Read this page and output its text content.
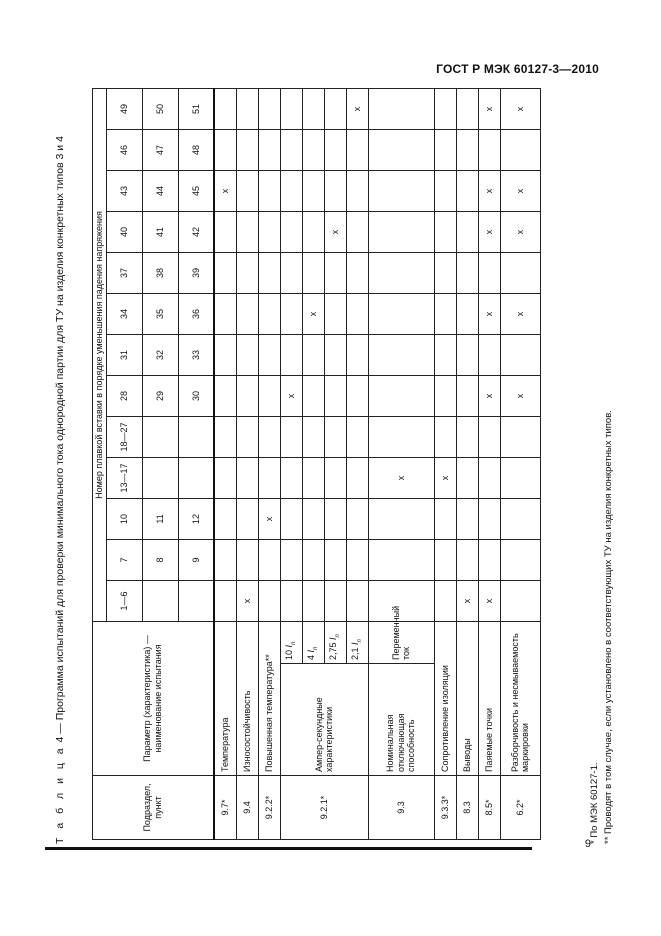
ГОСТ Р МЭК 60127-3—2010
Т а б л и ц а 4 — Программа испытаний для проверки минимального тока однородной партии для ТУ на изделия конкретных типов 3 и 4
Подраздел, пункт	Параметр (характеристика) — наименование испытания		Номер плавкой вставки в порядке уменьшения падения напряжения												
			1—6	7	10	13—17	18—27	28	31	34	37	40	43	46	49
				8	11			29	32	35	38	41	44	47	50
				9	12			30	33	36	39	42	45	48	51
9.7*	Температура												x		
9.4	Износостойчивость		x												
9.2.2*	Повышенная температура**				x										
9.2.1*	Ампер-секундные характеристики	10 $I_n$						x							
		4 $I_n$								x					
		2,75 $I_n$										x			
		2,1 $I_n$													x
9.3	Номинальная отключающая способность	Переменный ток				x									
9.3.3*	Сопротивление изоляции					x									
8.3	Выводы		x												
8.5*	Паяемые точки		x					x		x		x	x		x
6.2*	Разборчивость и несмываемость маркировки							x		x		x	x		x
* По МЭК 60127-1. ** Проводят в том случае, если установлено в соответствующих ТУ на изделия конкретных типов.
9
